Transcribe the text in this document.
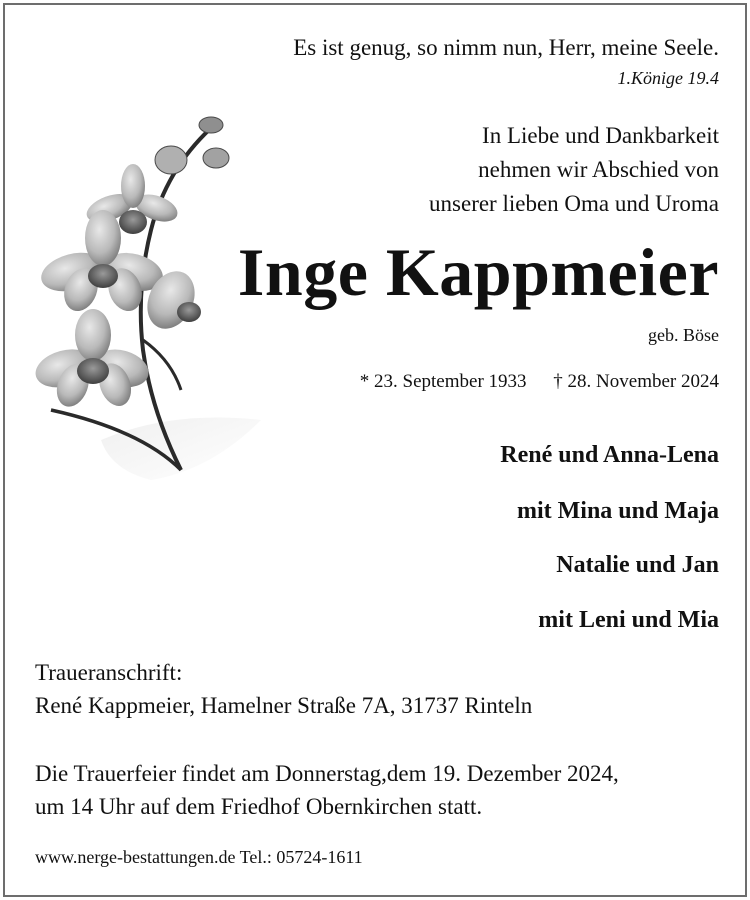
Es ist genug, so nimm nun, Herr, meine Seele.
1.Könige 19.4
In Liebe und Dankbarkeit
nehmen wir Abschied von
unserer lieben Oma und Uroma
Inge Kappmeier
geb. Böse
* 23. September 1933 † 28. November 2024
René und Anna-Lena
mit Mina und Maja
Natalie und Jan
mit Leni und Mia
Traueranschrift:
René Kappmeier, Hamelner Straße 7A, 31737 Rinteln
Die Trauerfeier findet am Donnerstag,dem 19. Dezember 2024,
um 14 Uhr auf dem Friedhof Obernkirchen statt.
www.nerge-bestattungen.de Tel.: 05724-1611
